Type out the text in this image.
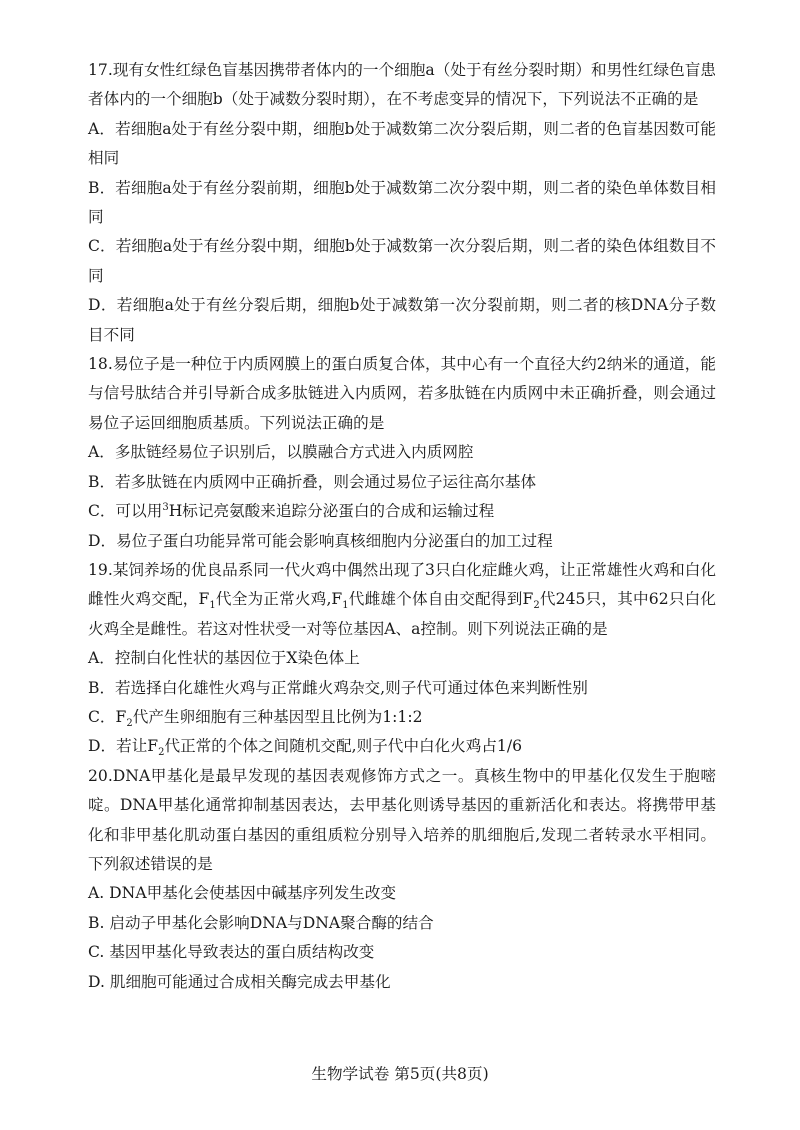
17.现有女性红绿色盲基因携带者体内的一个细胞a（处于有丝分裂时期）和男性红绿色盲患者体内的一个细胞b（处于减数分裂时期），在不考虑变异的情况下，下列说法不正确的是

A．若细胞a处于有丝分裂中期，细胞b处于减数第二次分裂后期，则二者的色盲基因数可能相同

B．若细胞a处于有丝分裂前期，细胞b处于减数第二次分裂中期，则二者的染色单体数目相同

C．若细胞a处于有丝分裂中期，细胞b处于减数第一次分裂后期，则二者的染色体组数目不同

D．若细胞a处于有丝分裂后期，细胞b处于减数第一次分裂前期，则二者的核DNA分子数目不同

18.易位子是一种位于内质网膜上的蛋白质复合体，其中心有一个直径大约2纳米的通道，能与信号肽结合并引导新合成多肽链进入内质网，若多肽链在内质网中未正确折叠，则会通过易位子运回细胞质基质。下列说法正确的是

A．多肽链经易位子识别后，以膜融合方式进入内质网腔

B．若多肽链在内质网中正确折叠，则会通过易位子运往高尔基体

C．可以用$^3$H标记亮氨酸来追踪分泌蛋白的合成和运输过程

D．易位子蛋白功能异常可能会影响真核细胞内分泌蛋白的加工过程

19.某饲养场的优良品系同一代火鸡中偶然出现了3只白化症雌火鸡，让正常雄性火鸡和白化雌性火鸡交配，$F_1$代全为正常火鸡$,F_1$代雌雄个体自由交配得到$F_2$代245只，其中62只白化火鸡全是雌性。若这对性状受一对等位基因A、a控制。则下列说法正确的是

A．控制白化性状的基因位于X染色体上

B．若选择白化雄性火鸡与正常雌火鸡杂交,则子代可通过体色来判断性别

C．$F_2$代产生卵细胞有三种基因型且比例为1:1:2

D．若让$F_2$代正常的个体之间随机交配,则子代中白化火鸡占1/6

20.DNA甲基化是最早发现的基因表观修饰方式之一。真核生物中的甲基化仅发生于胞嘧啶。DNA甲基化通常抑制基因表达，去甲基化则诱导基因的重新活化和表达。将携带甲基化和非甲基化肌动蛋白基因的重组质粒分别导入培养的肌细胞后,发现二者转录水平相同。下列叙述错误的是

A. DNA甲基化会使基因中碱基序列发生改变

B. 启动子甲基化会影响DNA与DNA聚合酶的结合

C. 基因甲基化导致表达的蛋白质结构改变

D. 肌细胞可能通过合成相关酶完成去甲基化

生物学试卷 第5页(共8页)
